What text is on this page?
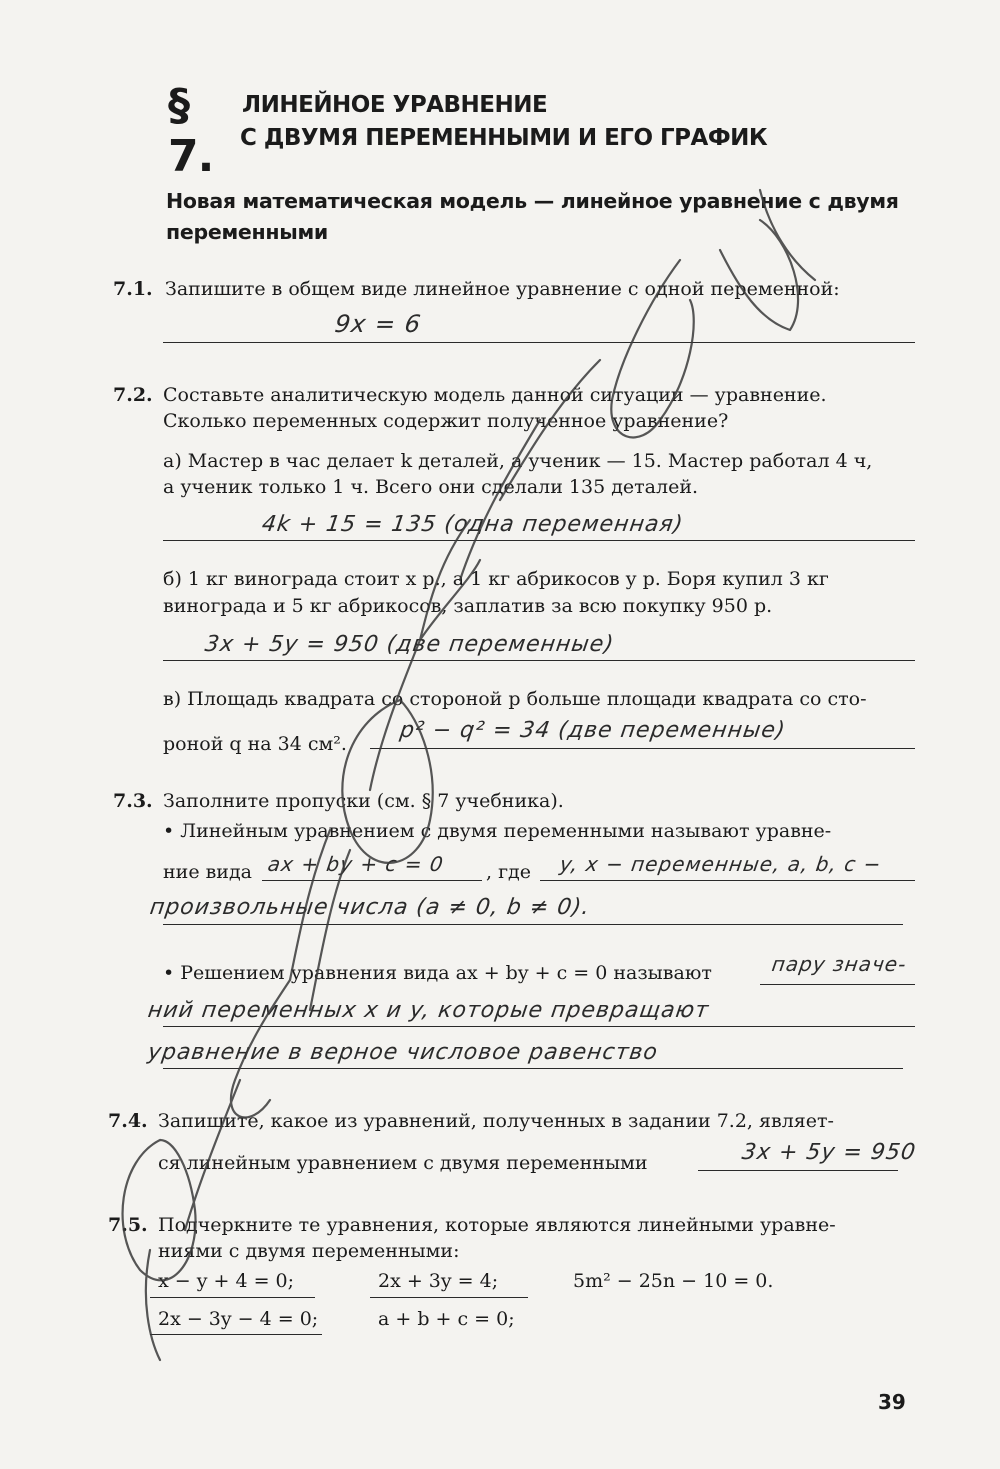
§ 7.
ЛИНЕЙНОЕ УРАВНЕНИЕ
С ДВУМЯ ПЕРЕМЕННЫМИ И ЕГО ГРАФИК
Новая математическая модель — линейное уравнение с двумя переменными
7.1. Запишите в общем виде линейное уравнение с одной переменной:
9x = 6
7.2. Составьте аналитическую модель данной ситуации — уравнение.
Сколько переменных содержит полученное уравнение?
а) Мастер в час делает k деталей, а ученик — 15. Мастер работал 4 ч,
а ученик только 1 ч. Всего они сделали 135 деталей.
4k + 15 = 135 (одна переменная)
б) 1 кг винограда стоит x р., а 1 кг абрикосов y р. Боря купил 3 кг
винограда и 5 кг абрикосов, заплатив за всю покупку 950 р.
3x + 5y = 950 (две переменные)
в) Площадь квадрата со стороной p больше площади квадрата со сто-
роной q на 34 см².
p² − q² = 34 (две переменные)
7.3. Заполните пропуски (см. § 7 учебника).
• Линейным уравнением с двумя переменными называют уравне-
ние вида ax + by + c = 0 , где y, x − переменные, a, b, c −
произвольные числа (a ≠ 0, b ≠ 0).
• Решением уравнения вида ax + by + c = 0 называют	пару значе-
ний переменных x и y, которые превращают
уравнение в верное числовое равенство
7.4. Запишите, какое из уравнений, полученных в задании 7.2, являет-
ся линейным уравнением с двумя переменными	3x + 5y = 950
7.5. Подчеркните те уравнения, которые являются линейными уравне-
ниями с двумя переменными:
x − y + 4 = 0;	2x + 3y = 4;	5m² − 25n − 10 = 0.
2x − 3y − 4 = 0;	a + b + c = 0;
39
